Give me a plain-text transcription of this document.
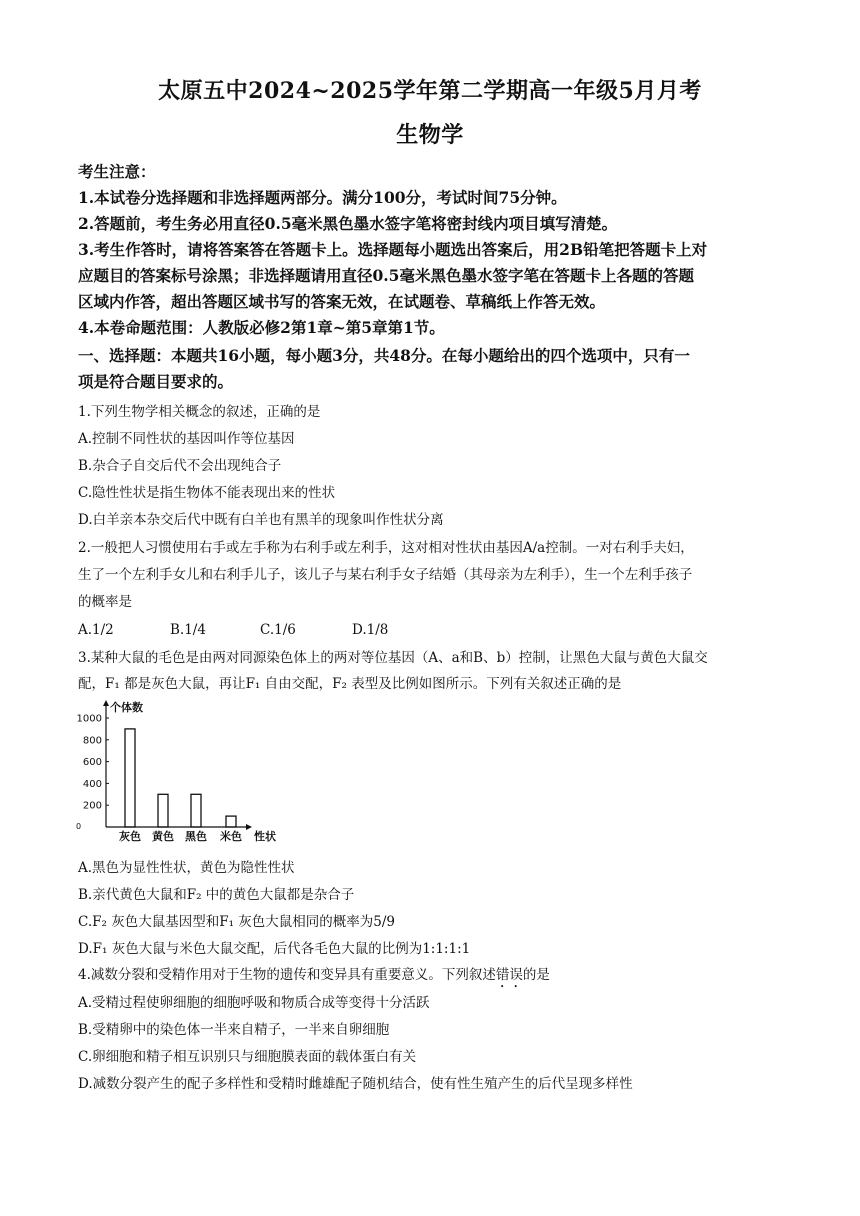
太原五中2024~2025学年第二学期高一年级5月月考
生物学
考生注意：
1.本试卷分选择题和非选择题两部分。满分100分，考试时间75分钟。
2.答题前，考生务必用直径0.5毫米黑色墨水签字笔将密封线内项目填写清楚。
3.考生作答时，请将答案答在答题卡上。选择题每小题选出答案后，用2B铅笔把答题卡上对
应题目的答案标号涂黑；非选择题请用直径0.5毫米黑色墨水签字笔在答题卡上各题的答题
区域内作答，超出答题区域书写的答案无效，在试题卷、草稿纸上作答无效。
4.本卷命题范围：人教版必修2第1章~第5章第1节。
一、选择题：本题共16小题，每小题3分，共48分。在每小题给出的四个选项中，只有一
项是符合题目要求的。
1.下列生物学相关概念的叙述，正确的是
A.控制不同性状的基因叫作等位基因
B.杂合子自交后代不会出现纯合子
C.隐性性状是指生物体不能表现出来的性状
D.白羊亲本杂交后代中既有白羊也有黑羊的现象叫作性状分离
2.一般把人习惯使用右手或左手称为右利手或左利手，这对相对性状由基因A/a控制。一对右利手夫妇，
生了一个左利手女儿和右利手儿子，该儿子与某右利手女子结婚（其母亲为左利手），生一个左利手孩子
的概率是
A.1/2	B.1/4	C.1/6	D.1/8
3.某种大鼠的毛色是由两对同源染色体上的两对等位基因（A、a和B、b）控制，让黑色大鼠与黄色大鼠交
配，F₁ 都是灰色大鼠，再让F₁ 自由交配，F₂ 表型及比例如图所示。下列有关叙述正确的是
1000
800
600
400
200
灰色 黄色 黑色 米色
个体数
性状
0
A.黑色为显性性状，黄色为隐性性状
B.亲代黄色大鼠和F₂ 中的黄色大鼠都是杂合子
C.F₂ 灰色大鼠基因型和F₁ 灰色大鼠相同的概率为5/9
D.F₁ 灰色大鼠与米色大鼠交配，后代各毛色大鼠的比例为1:1:1:1
4.减数分裂和受精作用对于生物的遗传和变异具有重要意义。下列叙述错误的是
A.受精过程使卵细胞的细胞呼吸和物质合成等变得十分活跃
B.受精卵中的染色体一半来自精子，一半来自卵细胞
C.卵细胞和精子相互识别只与细胞膜表面的载体蛋白有关
D.减数分裂产生的配子多样性和受精时雌雄配子随机结合，使有性生殖产生的后代呈现多样性
